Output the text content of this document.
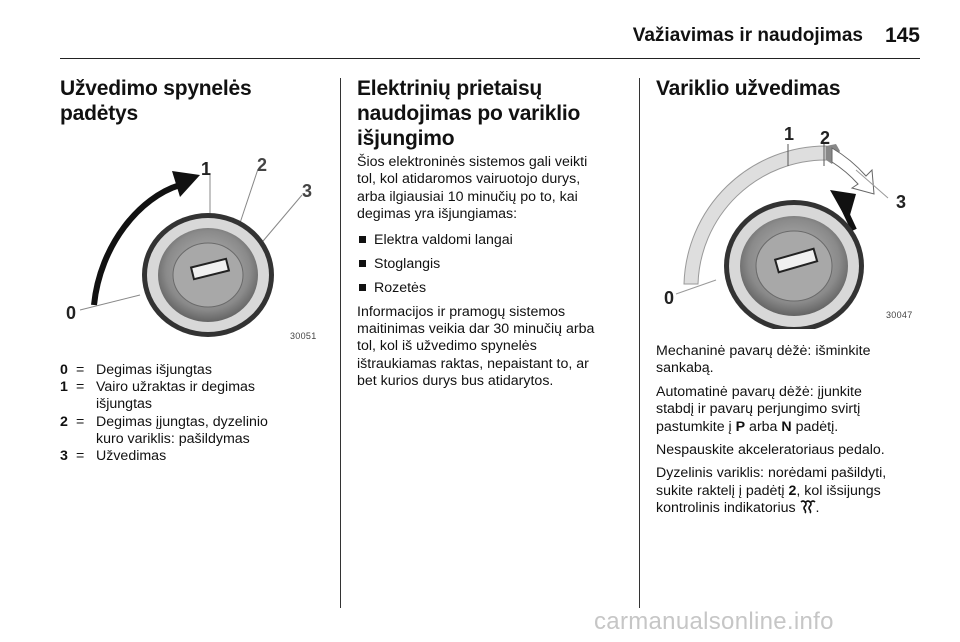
Važiavimas ir naudojimas 145
Užvedimo spynelės
padėtys
1	2
3
0
30051
0 = Degimas išjungtas
1 = Vairo užraktas ir degimas
išjungtas
2 = Degimas įjungtas, dyzelinio
kuro variklis: pašildymas
3 = Užvedimas
Elektrinių prietaisų
naudojimas po variklio
išjungimo

Šios elektroninės sistemos gali veikti
tol, kol atidaromos vairuotojo durys,
arba ilgiausiai 10 minučių po to, kai
degimas yra išjungiamas:

Elektra valdomi langai
Stoglangis
Rozetės

Informacijos ir pramogų sistemos
maitinimas veikia dar 30 minučių arba
tol, kol iš užvedimo spynelės
ištraukiamas raktas, nepaistant to, ar
bet kurios durys bus atidarytos.

Variklio užvedimas
1 2
3
0
30047

Mechaninė pavarų dėžė: išminkite
sankabą.

Automatinė pavarų dėžė: įjunkite
stabdį ir pavarų perjungimo svirtį
pastumkite į P arba N padėtį.

Nespauskite akceleratoriaus pedalo.

Dyzelinis variklis: norėdami pašildyti,
sukite raktelį į padėtį 2, kol išsijungs
kontrolinis indikatorius .

carmanualsonline.info
